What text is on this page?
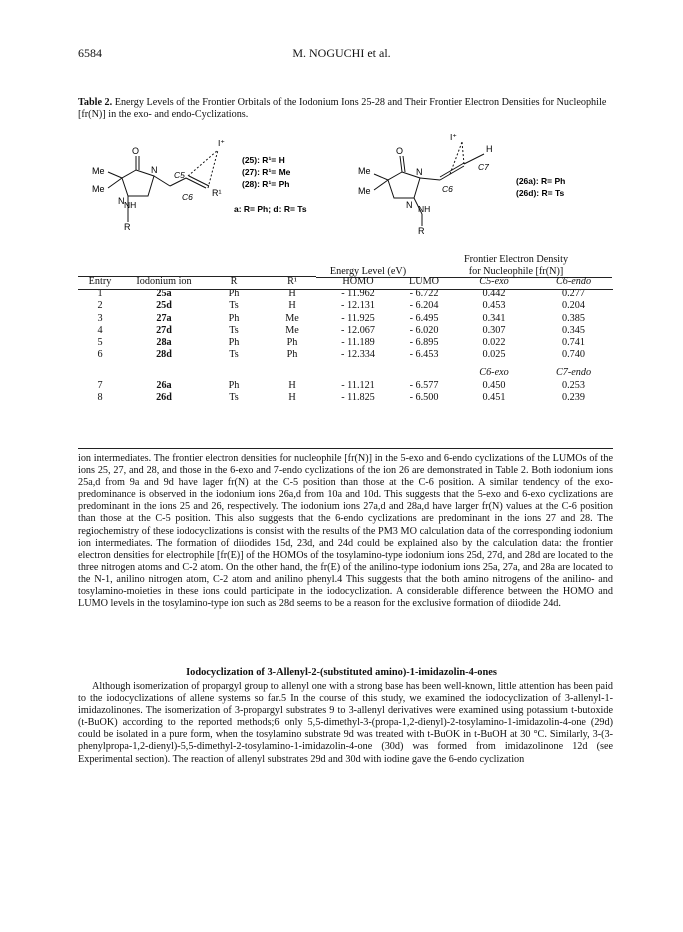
6584	M. NOGUCHI et al.
Table 2. Energy Levels of the Frontier Orbitals of the Iodonium Ions 25-28 and Their Frontier Electron Densities for Nucleophile [fr(N)] in the exo- and endo-Cyclizations.
O
Me
Me
N
N NH
R
C5
C6 R¹
I⁺
(25): R¹= H
(27): R¹= Me
(28): R¹= Ph
a: R= Ph; d: R= Ts
O
Me
Me
N
N NH
R
C6
C7
I⁺
H
(26a): R= Ph
(26d): R= Ts
Frontier Electron Density
for Nucleophile [fr(N)]
Energy Level (eV)
Entry	Iodonium ion	R	R¹	HOMO	LUMO	C5-exo	C6-endo
1	25a	Ph	H	- 11.962	- 6.722	0.442	0.277
2	25d	Ts	H	- 12.131	- 6.204	0.453	0.204
3	27a	Ph	Me	- 11.925	- 6.495	0.341	0.385
4	27d	Ts	Me	- 12.067	- 6.020	0.307	0.345
5	28a	Ph	Ph	- 11.189	- 6.895	0.022	0.741
6	28d	Ts	Ph	- 12.334	- 6.453	0.025	0.740

						C6-exo	C7-endo
7	26a	Ph	H	- 11.121	- 6.577	0.450	0.253
8	26d	Ts	H	- 11.825	- 6.500	0.451	0.239
ion intermediates. The frontier electron densities for nucleophile [fr(N)] in the 5-exo and 6-endo cyclizations of the LUMOs of the ions 25, 27, and 28, and those in the 6-exo and 7-endo cyclizations of the ion 26 are demonstrated in Table 2. Both iodonium ions 25a,d from 9a and 9d have lager fr(N) at the C-5 position than those at the C-6 position. A similar tendency of the exo-predominance is observed in the iodonium ions 26a,d from 10a and 10d. This suggests that the 5-exo and 6-exo cyclizations are predominant in the ions 25 and 26, respectively. The iodonium ions 27a,d and 28a,d have larger fr(N) values at the C-6 position than those at the C-5 position. This also suggests that the 6-endo cyclizations are predominant in the ions 27 and 28. The regiochemistry of these iodocyclizations is consist with the results of the PM3 MO calculation data of the corresponding iodonium ion intermediates. The formation of diiodides 15d, 23d, and 24d could be explained also by the calculation data: the frontier electron densities for electrophile [fr(E)] of the HOMOs of the tosylamino-type iodonium ions 25d, 27d, and 28d are located to the three nitrogen atoms and C-2 atom. On the other hand, the fr(E) of the anilino-type iodonium ions 25a, 27a, and 28a are located to the N-1, anilino nitrogen atom, C-2 atom and anilino phenyl.4 This suggests that the both amino nitrogens of the anilino- and tosylamino-moieties in these ions could participate in the iodocyclization. A considerable difference between the HOMO and LUMO levels in the tosylamino-type ion such as 28d seems to be a reason for the exclusive formation of diiodide 24d.
Iodocyclization of 3-Allenyl-2-(substituted amino)-1-imidazolin-4-ones
Although isomerization of propargyl group to allenyl one with a strong base has been well-known, little attention has been paid to the iodocyclizations of allene systems so far.5 In the course of this study, we examined the iodocyclization of 3-allenyl-1-imidazolinones. The isomerization of 3-propargyl substrates 9 to 3-allenyl derivatives were examined using potassium t-butoxide (t-BuOK) according to the reported methods;6 only 5,5-dimethyl-3-(propa-1,2-dienyl)-2-tosylamino-1-imidazolin-4-one (29d) could be isolated in a pure form, when the tosylamino substrate 9d was treated with t-BuOK in t-BuOH at 30 °C. Similarly, 3-(3-phenylpropa-1,2-dienyl)-5,5-dimethyl-2-tosylamino-1-imidazolin-4-one (30d) was formed from imidazolinone 12d (see Experimental section). The reaction of allenyl substrates 29d and 30d with iodine gave the 6-endo cyclization
